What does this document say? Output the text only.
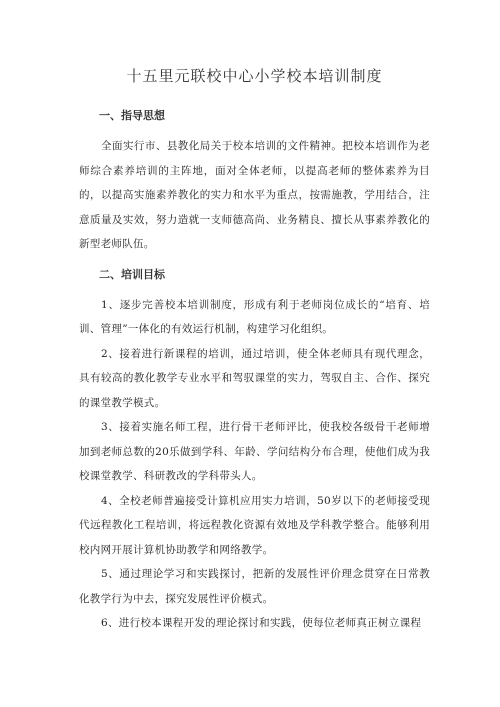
十五里元联校中心小学校本培训制度
一、指导思想

全面实行市、县教化局关于校本培训的文件精神。把校本培训作为老师综合素养培训的主阵地，面对全体老师，以提高老师的整体素养为目的，以提高实施素养教化的实力和水平为重点，按需施教，学用结合，注意质量及实效，努力造就一支师德高尚、业务精良、擅长从事素养教化的新型老师队伍。

二、培训目标

1、逐步完善校本培训制度，形成有利于老师岗位成长的“培育、培训、管理”一体化的有效运行机制，构建学习化组织。

2、接着进行新课程的培训，通过培训，使全体老师具有现代理念，具有较高的教化教学专业水平和驾驭课堂的实力，驾驭自主、合作、探究的课堂教学模式。

3、接着实施名师工程，进行骨干老师评比，使我校各级骨干老师增加到老师总数的20乐做到学科、年龄、学问结构分布合理，使他们成为我校课堂教学、科研教改的学科带头人。

4、全校老师普遍接受计算机应用实力培训，50岁以下的老师接受现代远程教化工程培训，将远程教化资源有效地及学科教学整合。能够利用校内网开展计算机协助教学和网络教学。

5、通过理论学习和实践探讨，把新的发展性评价理念贯穿在日常教化教学行为中去，探究发展性评价模式。

6、进行校本课程开发的理论探讨和实践，使每位老师真正树立课程
